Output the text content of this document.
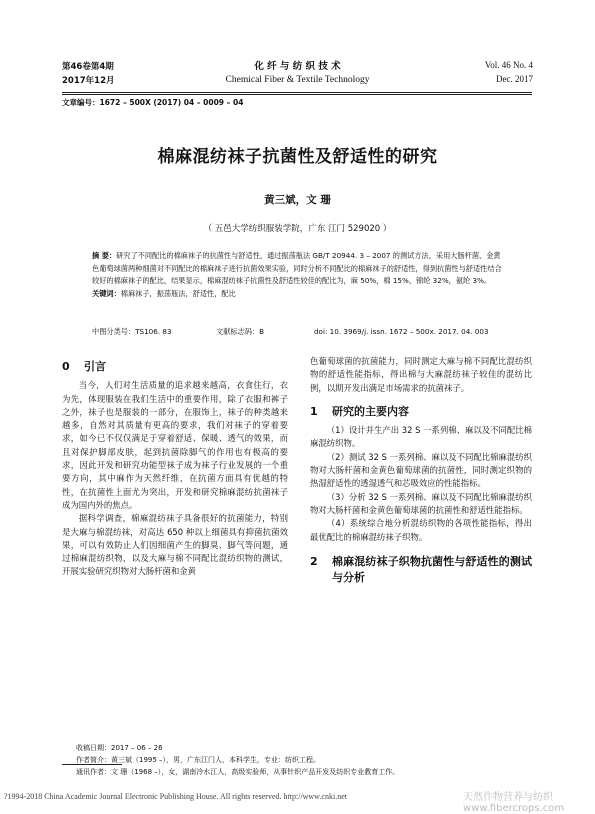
第46卷第4期
2017年12月
化 纤 与 纺 织 技 术
Chemical Fiber & Textile Technology
Vol. 46 No. 4
Dec. 2017
文章编号：1672 – 500X (2017) 04 – 0009 – 04
棉麻混纺袜子抗菌性及舒适性的研究
黄三斌，文 珊
（ 五邑大学纺织服装学院，广东 江门 529020 ）
摘 要：研究了不同配比的棉麻袜子的抗菌性与舒适性，通过振荡瓶法 GB/T 20944. 3 – 2007 的测试方法，采用大肠杆菌、金黄色葡萄球菌两种细菌对不同配比的棉麻袜子进行抗菌效果实验，同时分析不同配比的棉麻袜子的舒适性，得到抗菌性与舒适性结合较好的棉麻袜子的配比，结果显示，棉麻混纺袜子抗菌性及舒适性较佳的配比为，麻 50%，棉 15%，锦纶 32%，氨纶 3%。
关键词：棉麻袜子，振荡瓶法，舒适性，配比
中图分类号：TS106. 83	文献标志码：B	doi: 10. 3969/j. issn. 1672 – 500x. 2017. 04. 003
0	引言

当今，人们对生活质量的追求越来越高，衣食住行，衣为先，体现服装在我们生活中的重要作用，除了衣服和裤子之外，袜子也是服装的一部分，在服饰上，袜子的种类越来越多，自然对其质量有更高的要求，我们对袜子的穿着要求，如今已不仅仅满足于穿着舒适、保暖、透气的效果，而且对保护脚部皮肤，起到抗菌除脚气的作用也有极高的要求，因此开发和研究功能型袜子成为袜子行业发展的一个重要方向，其中麻作为天然纤维，在抗菌方面具有优越的特性，在抗菌性上面尤为突出，开发和研究棉麻混纺抗菌袜子成为国内外的焦点。

据科学调查，棉麻混纺袜子具备很好的抗菌能力，特别是大麻与棉混纺袜，对高达 650 种以上细菌具有抑菌抗菌效果，可以有效防止人们因细菌产生的脚臭、脚气等问题，通过棉麻混纺织物，以及大麻与棉不同配比混纺织物的测试，开展实验研究织物对大肠杆菌和金黄

色葡萄球菌的抗菌能力，同时测定大麻与棉不同配比混纺织物的舒适性能指标，得出棉与大麻混纺袜子较佳的混纺比例，以期开发出满足市场需求的抗菌袜子。

1	研究的主要内容

（1）设计并生产出 32 S 一系列棉、麻以及不同配比棉麻混纺织物。

（2）测试 32 S 一系列棉、麻以及不同配比棉麻混纺织物对大肠杆菌和金黄色葡萄球菌的抗菌性，同时测定织物的热湿舒适性的透湿透气和芯吸效应的性能指标。

（3）分析 32 S 一系列棉、麻以及不同配比棉麻混纺织物对大肠杆菌和金黄色葡萄球菌的抗菌性和舒适性能指标。

（4）系统综合地分析混纺织物的各项性能指标，得出最优配比的棉麻混纺袜子织物。

2	棉麻混纺袜子织物抗菌性与舒适性的测试与分析
收稿日期：2017 – 06 – 26
作者简介：黄三斌（1995 –），男，广东江门人，本科学生，专业：纺织工程。
通讯作者：文 珊（1968 –），女，湖南冷水江人，高级实验师，从事针织产品开发及纺织专业教育工作。
?1994-2018 China Academic Journal Electronic Publishing House. All rights reserved. http://www.cnki.net	天然作物营养与纺织 www.fibercrops.com
